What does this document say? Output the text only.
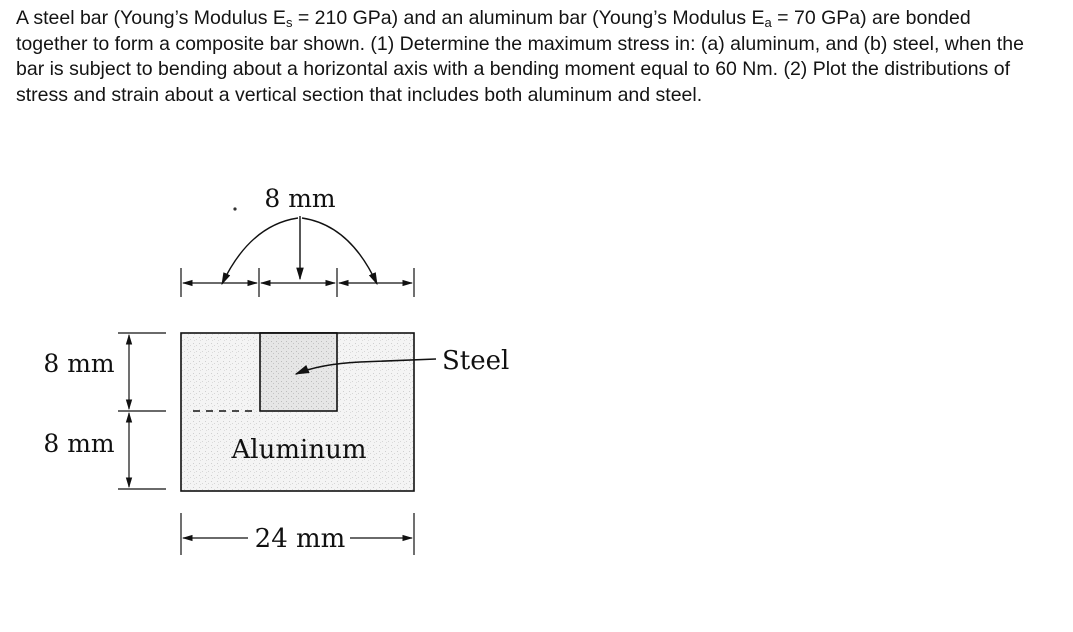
A steel bar (Young’s Modulus $E_s = 210$ GPa) and an aluminum bar (Young’s Modulus $E_a = 70$ GPa) are bonded together to form a composite bar shown. (1) Determine the maximum stress in: (a) aluminum, and (b) steel, when the bar is subject to bending about a horizontal axis with a bending moment equal to 60 Nm. (2) Plot the distributions of stress and strain about a vertical section that includes both aluminum and steel.

8 mm
8 mm
8 mm
24 mm
Steel
Aluminum
